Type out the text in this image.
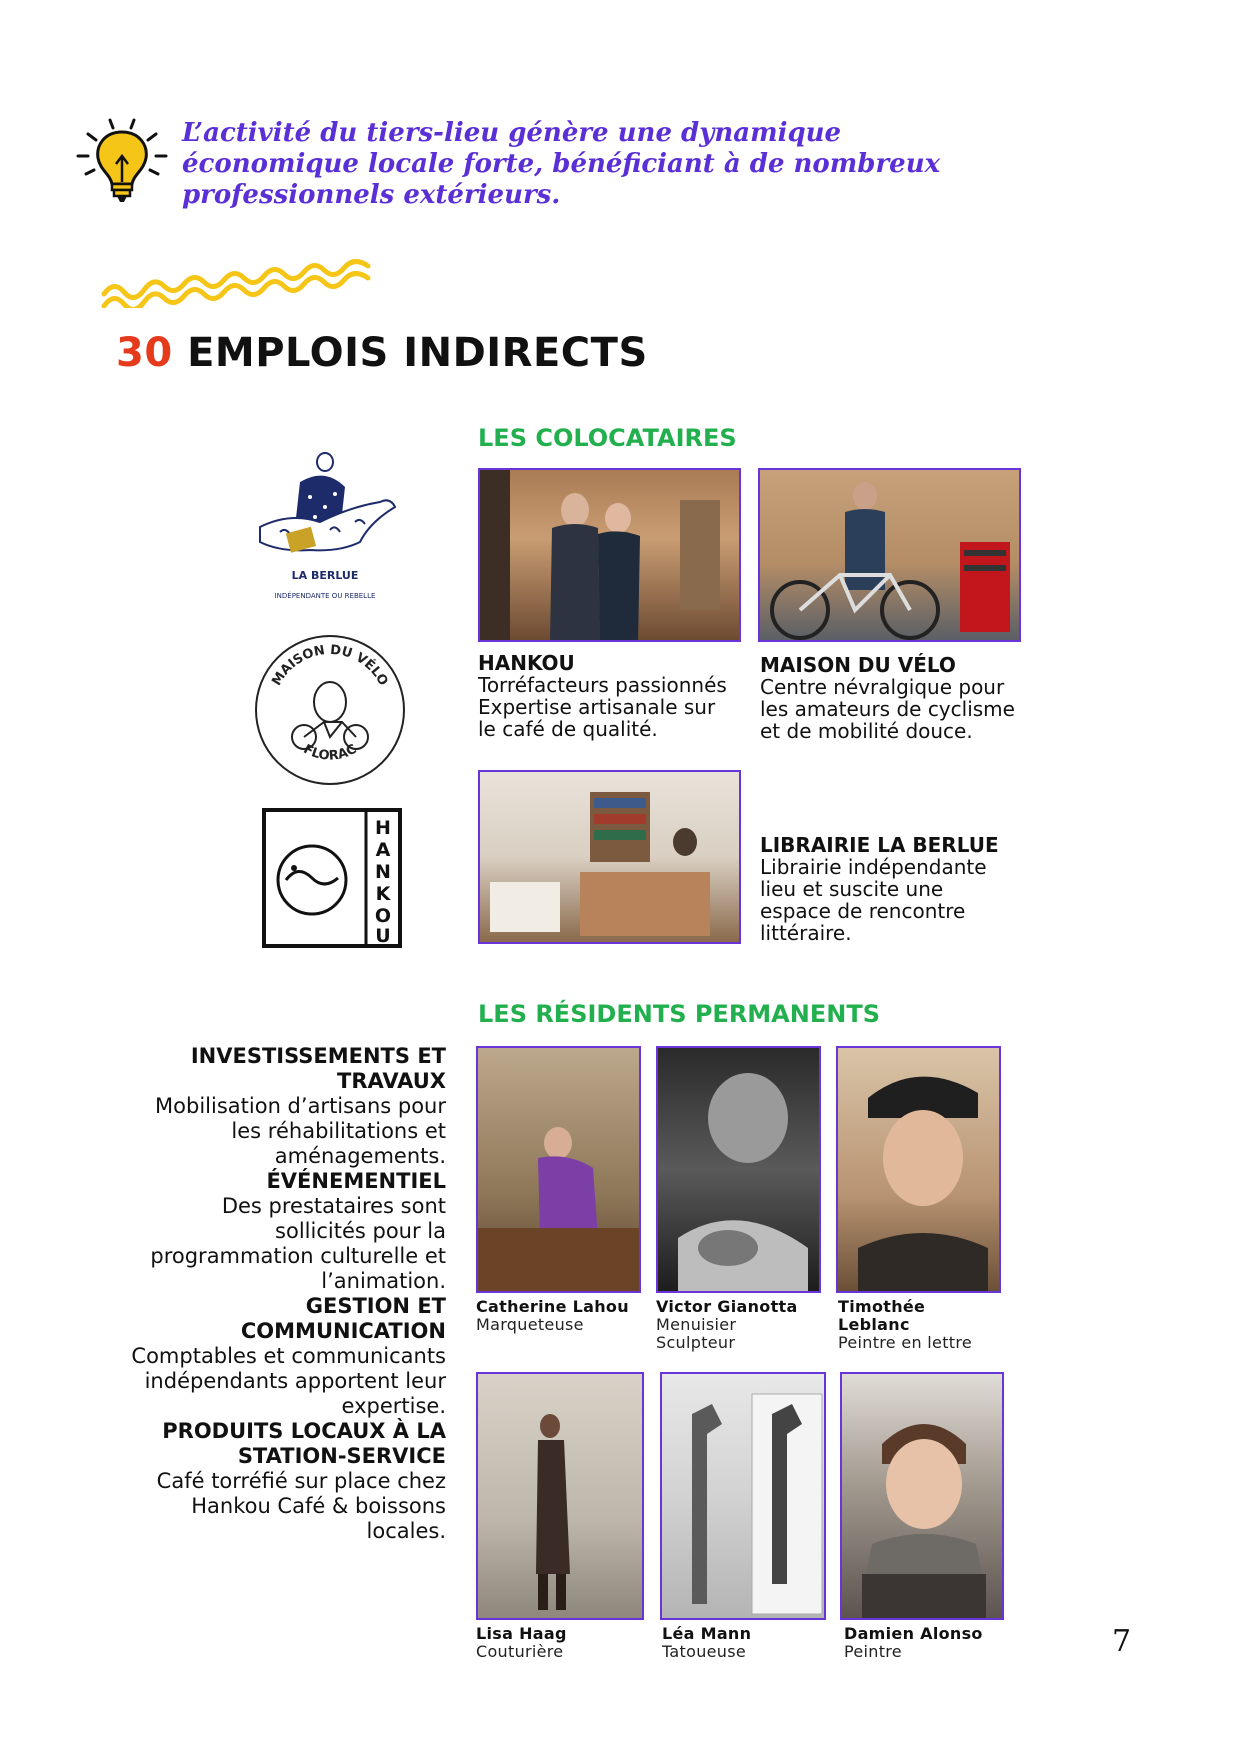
L’activité du tiers-lieu génère une dynamique
économique locale forte, bénéficiant à de nombreux
professionnels extérieurs.
30 EMPLOIS INDIRECTS
LES COLOCATAIRES
LA BERLUE
INDÉPENDANTE OU REBELLE
MAISON DU VÉLO
FLORAC
H
A
N
K
O
U
HANKOU
Torréfacteurs passionnés
Expertise artisanale sur
le café de qualité.
MAISON DU VÉLO
Centre névralgique pour
les amateurs de cyclisme
et de mobilité douce.
LIBRAIRIE LA BERLUE
Librairie indépendante
lieu et suscite une
espace de rencontre
littéraire.
LES RÉSIDENTS PERMANENTS
INVESTISSEMENTS ET
TRAVAUX
Mobilisation d’artisans pour
les réhabilitations et
aménagements.
ÉVÉNEMENTIEL
Des prestataires sont
sollicités pour la
programmation culturelle et
l’animation.
GESTION ET
COMMUNICATION
Comptables et communicants
indépendants apportent leur
expertise.
PRODUITS LOCAUX À LA
STATION-SERVICE
Café torréfié sur place chez
Hankou Café & boissons
locales.
Catherine Lahou
Marqueteuse
Victor Gianotta
Menuisier
Sculpteur
Timothée
Leblanc
Peintre en lettre
Lisa Haag
Couturière
Léa Mann
Tatoueuse
Damien Alonso
Peintre	7
